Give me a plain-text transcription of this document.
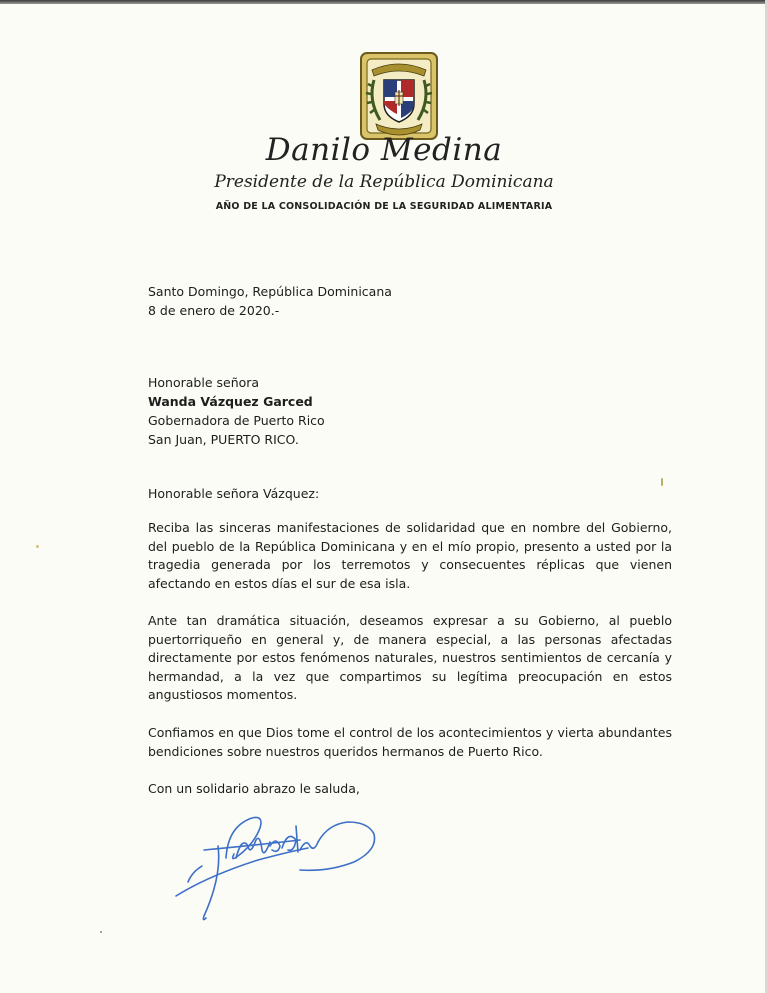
Danilo Medina
Presidente de la República Dominicana
AÑO DE LA CONSOLIDACIÓN DE LA SEGURIDAD ALIMENTARIA
Santo Domingo, República Dominicana
8 de enero de 2020.-
Honorable señora
Wanda Vázquez Garced
Gobernadora de Puerto Rico
San Juan, PUERTO RICO.
Honorable señora Vázquez:
Reciba las sinceras manifestaciones de solidaridad que en nombre del Gobierno, del pueblo de la República Dominicana y en el mío propio, presento a usted por la tragedia generada por los terremotos y consecuentes réplicas que vienen afectando en estos días el sur de esa isla.
Ante tan dramática situación, deseamos expresar a su Gobierno, al pueblo puertorriqueño en general y, de manera especial, a las personas afectadas directamente por estos fenómenos naturales, nuestros sentimientos de cercanía y hermandad, a la vez que compartimos su legítima preocupación en estos angustiosos momentos.
Confiamos en que Dios tome el control de los acontecimientos y vierta abundantes bendiciones sobre nuestros queridos hermanos de Puerto Rico.
Con un solidario abrazo le saluda,
